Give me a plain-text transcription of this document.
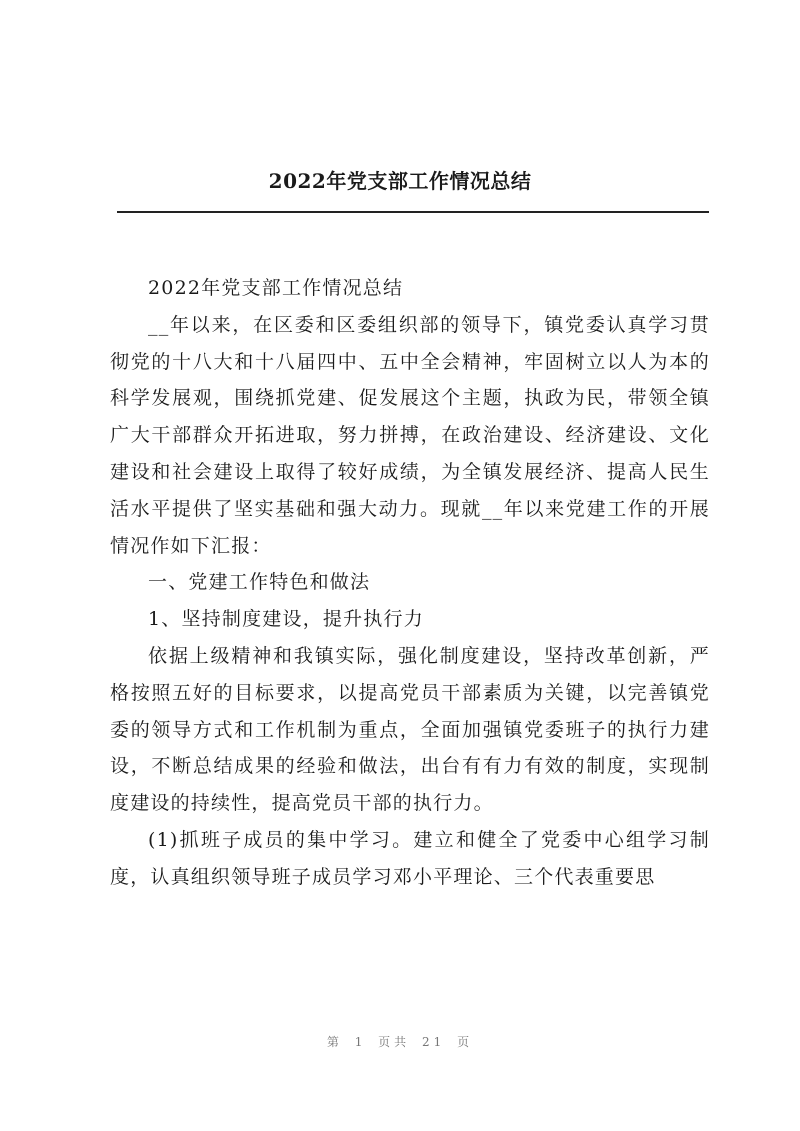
2022年党支部工作情况总结

2022年党支部工作情况总结

__年以来，在区委和区委组织部的领导下，镇党委认真学习贯彻党的十八大和十八届四中、五中全会精神，牢固树立以人为本的科学发展观，围绕抓党建、促发展这个主题，执政为民，带领全镇广大干部群众开拓进取，努力拼搏，在政治建设、经济建设、文化建设和社会建设上取得了较好成绩，为全镇发展经济、提高人民生活水平提供了坚实基础和强大动力。现就__年以来党建工作的开展情况作如下汇报：

一、党建工作特色和做法

1、坚持制度建设，提升执行力

依据上级精神和我镇实际，强化制度建设，坚持改革创新，严格按照五好的目标要求，以提高党员干部素质为关键，以完善镇党委的领导方式和工作机制为重点，全面加强镇党委班子的执行力建设，不断总结成果的经验和做法，出台有有力有效的制度，实现制度建设的持续性，提高党员干部的执行力。

(1)抓班子成员的集中学习。建立和健全了党委中心组学习制度，认真组织领导班子成员学习邓小平理论、三个代表重要思

第 1 页共 21 页
